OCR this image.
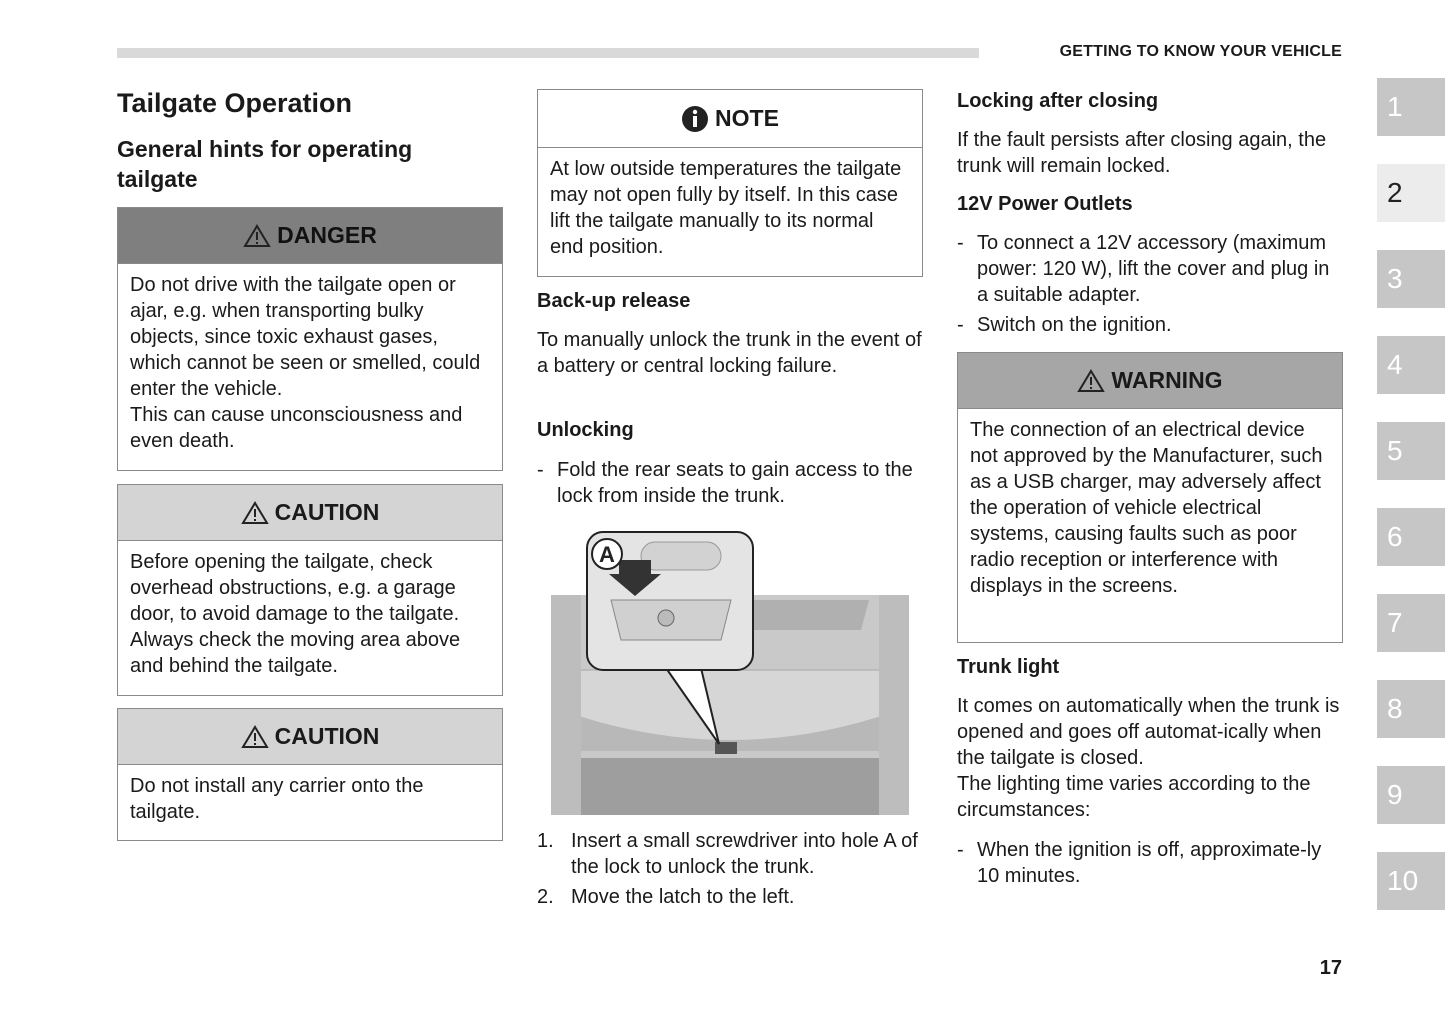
GETTING TO KNOW YOUR VEHICLE
Tailgate Operation
General hints for operating tailgate
DANGER

Do not drive with the tailgate open or ajar, e.g. when transporting bulky objects, since toxic exhaust gases, which cannot be seen or smelled, could enter the vehicle.

This can cause unconsciousness and even death.

CAUTION

Before opening the tailgate, check overhead obstructions, e.g. a garage door, to avoid damage to the tailgate. Always check the moving area above and behind the tailgate.

CAUTION

Do not install any carrier onto the tailgate.

NOTE

At low outside temperatures the tailgate may not open fully by itself. In this case lift the tailgate manually to its normal end position.

Back-up release

To manually unlock the trunk in the event of a battery or central locking failure.

Unlocking
- Fold the rear seats to gain access to the lock from inside the trunk.
A
1. Insert a small screwdriver into hole A of the lock to unlock the trunk.
2. Move the latch to the left.
Locking after closing

If the fault persists after closing again, the trunk will remain locked.

12V Power Outlets
- To connect a 12V accessory (maximum power: 120 W), lift the cover and plug in a suitable adapter.
- Switch on the ignition.
WARNING

The connection of an electrical device not approved by the Manufacturer, such as a USB charger, may adversely affect the operation of vehicle electrical systems, causing faults such as poor radio reception or interference with displays in the screens.

Trunk light

It comes on automatically when the trunk is opened and goes off automat-ically when the tailgate is closed.

The lighting time varies according to the circumstances:

- When the ignition is off, approximate-ly 10 minutes.
1
2
3
4
5
6
7
8
9
10
17
